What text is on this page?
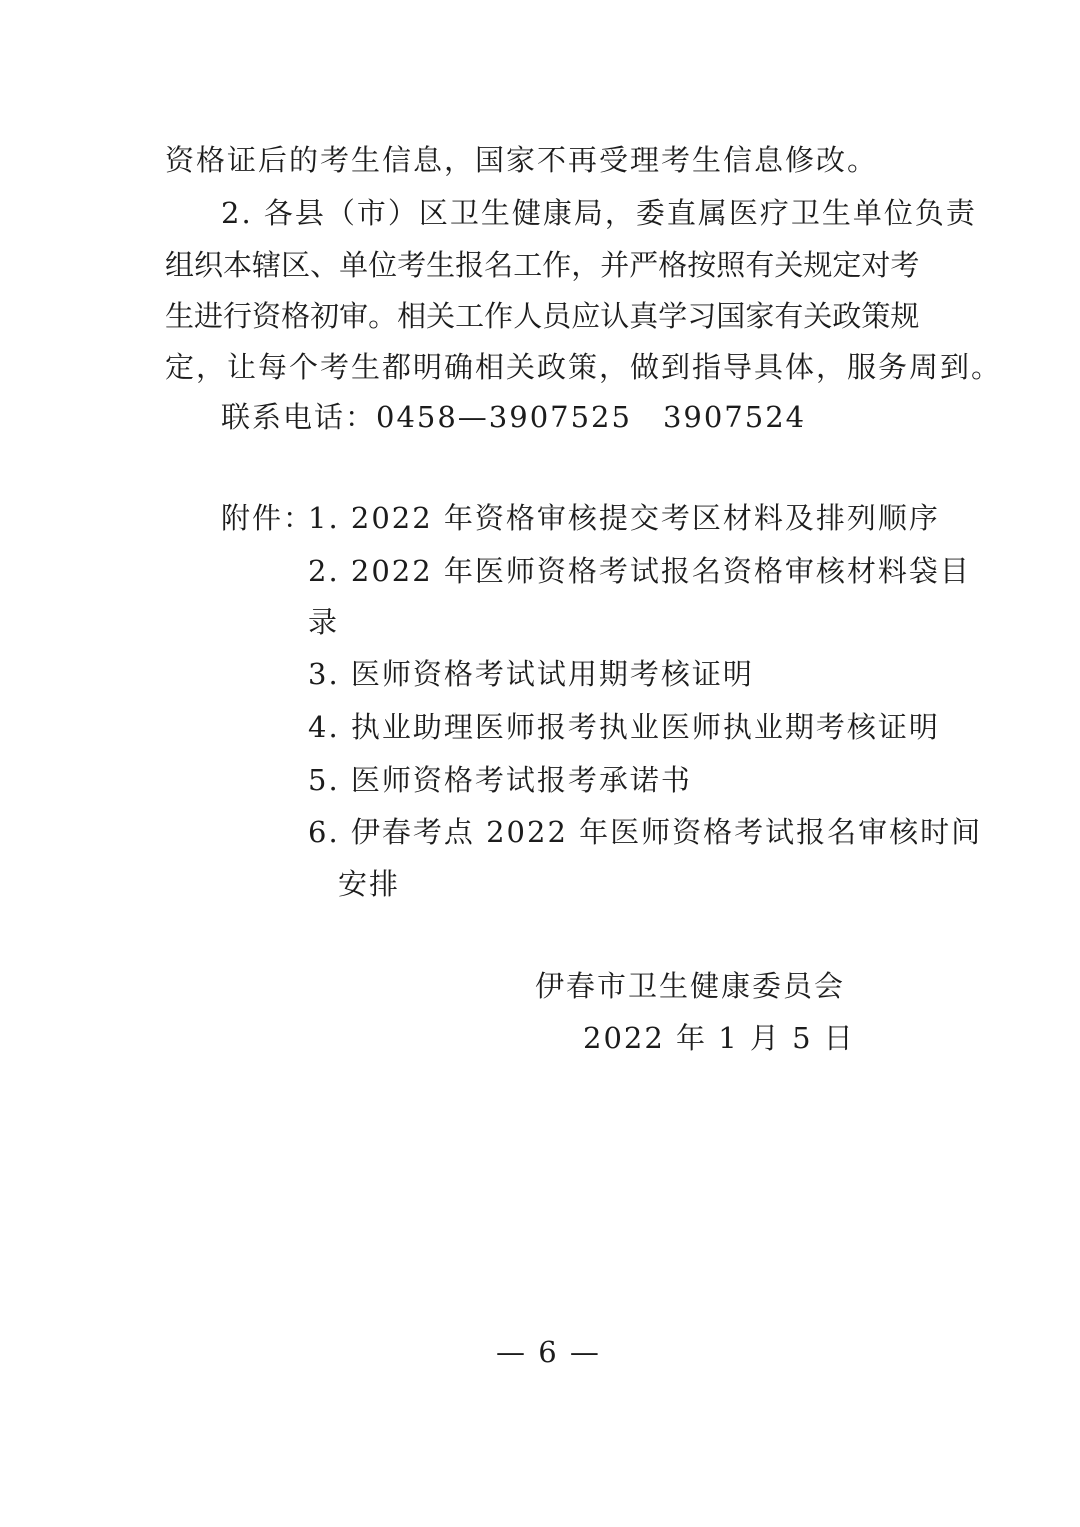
资格证后的考生信息，国家不再受理考生信息修改。
2. 各县（市）区卫生健康局，委直属医疗卫生单位负责
组 织 本 辖 区 、 单 位 考 生 报 名 工 作 ， 并 严 格 按 照 有 关 规 定 对 考
生 进 行 资 格 初 审 。 相 关 工 作 人 员 应 认 真 学 习 国 家 有 关 政 策 规
定，让每个考生都明确相关政策，做到指导具体，服务周到。
联系电话：0458—3907525　3907524
附件：
1. 2022 年资格审核提交考区材料及排列顺序
2. 2022 年医师资格考试报名资格审核材料袋目
录
3. 医师资格考试试用期考核证明
4. 执业助理医师报考执业医师执业期考核证明
5. 医师资格考试报考承诺书
6. 伊春考点 2022 年医师资格考试报名审核时间
安排
伊春市卫生健康委员会
2022 年 1 月 5 日
— 6 —
